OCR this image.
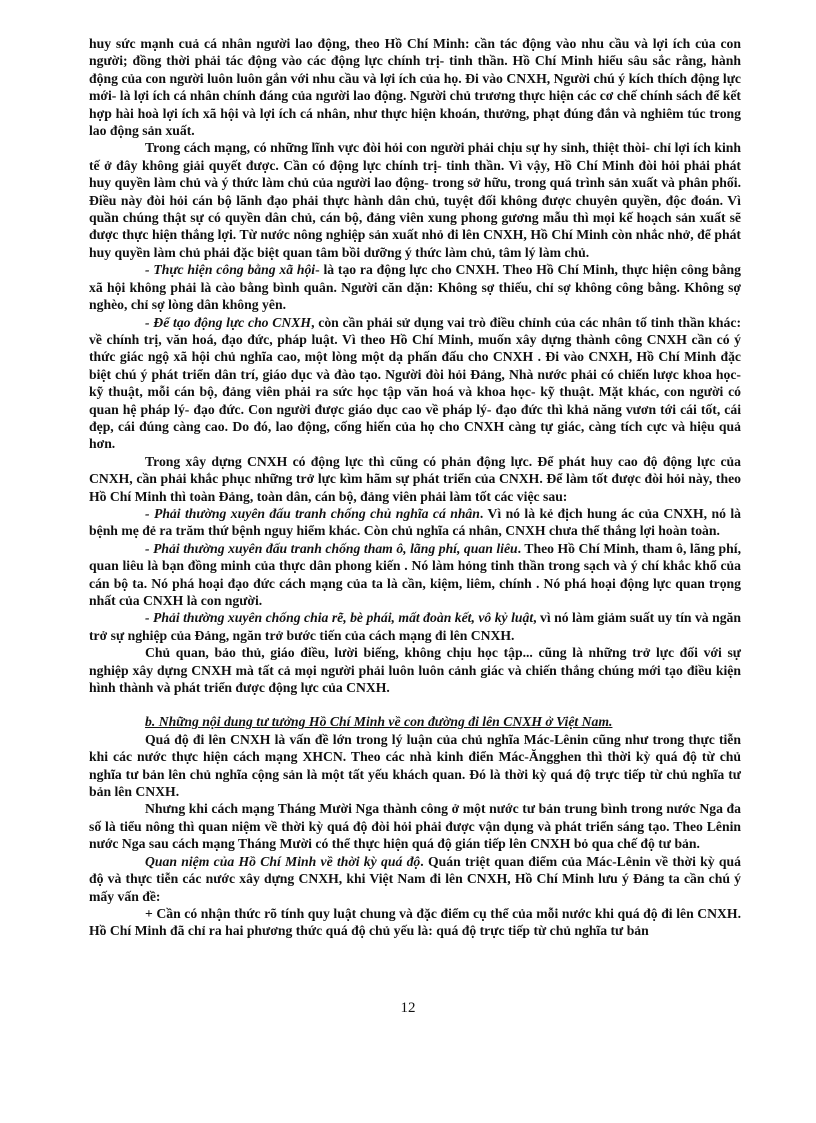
huy sức mạnh cuả cá nhân người lao động, theo Hồ Chí Minh: cần tác động vào nhu cầu và lợi ích của con người; đồng thời phải tác động vào các động lực chính trị- tinh thần. Hồ Chí Minh hiểu sâu sắc rằng, hành động của con người luôn luôn gắn với nhu cầu và lợi ích của họ. Đi vào CNXH, Người chú ý kích thích động lực mới- là lợi ích cá nhân chính đáng của người lao động. Người chủ trương thực hiện các cơ chế chính sách để kết hợp hài hoà lợi ích xã hội và lợi ích cá nhân, như thực hiện khoán, thưởng, phạt đúng đắn và nghiêm túc trong lao động sản xuất.

Trong cách mạng, có những lĩnh vực đòi hỏi con người phải chịu sự hy sinh, thiệt thòi- chỉ lợi ích kinh tế ở đây không giải quyết được. Cần có động lực chính trị- tinh thần. Vì vậy, Hồ Chí Minh đòi hỏi phải phát huy quyền làm chủ và ý thức làm chủ của người lao động- trong sở hữu, trong quá trình sản xuất và phân phối. Điều này đòi hỏi cán bộ lãnh đạo phải thực hành dân chủ, tuyệt đối không được chuyên quyền, độc đoán. Vì quần chúng thật sự có quyền dân chủ, cán bộ, đảng viên xung phong gương mẫu thì mọi kế hoạch sản xuất sẽ được thực hiện thắng lợi. Từ nước nông nghiệp sản xuất nhỏ đi lên CNXH, Hồ Chí Minh còn nhắc nhở, để phát huy quyền làm chủ phải đặc biệt quan tâm bồi dưỡng ý thức làm chủ, tâm lý làm chủ.

- Thực hiện công bằng xã hội- là tạo ra động lực cho CNXH. Theo Hồ Chí Minh, thực hiện công bằng xã hội không phải là cào bằng bình quân. Người căn dặn: Không sợ thiếu, chỉ sợ không công bằng. Không sợ nghèo, chỉ sợ lòng dân không yên.

- Để tạo động lực cho CNXH, còn cần phải sử dụng vai trò điều chỉnh của các nhân tố tinh thần khác: về chính trị, văn hoá, đạo đức, pháp luật. Vì theo Hồ Chí Minh, muốn xây dựng thành công CNXH cần có ý thức giác ngộ xã hội chủ nghĩa cao, một lòng một dạ phấn đấu cho CNXH . Đi vào CNXH, Hồ Chí Minh đặc biệt chú ý phát triển dân trí, giáo dục và đào tạo. Người đòi hỏi Đảng, Nhà nước phải có chiến lược khoa học- kỹ thuật, mỗi cán bộ, đảng viên phải ra sức học tập văn hoá và khoa học- kỹ thuật. Mặt khác, con người có quan hệ pháp lý- đạo đức. Con người được giáo dục cao về pháp lý- đạo đức thì khả năng vươn tới cái tốt, cái đẹp, cái đúng càng cao. Do đó, lao động, cống hiến của họ cho CNXH càng tự giác, càng tích cực và hiệu quả hơn.

Trong xây dựng CNXH có động lực thì cũng có phản động lực. Để phát huy cao độ động lực của CNXH, cần phải khắc phục những trở lực kìm hãm sự phát triển của CNXH. Để làm tốt được đòi hỏi này, theo Hồ Chí Minh thì toàn Đảng, toàn dân, cán bộ, đảng viên phải làm tốt các việc sau:

- Phải thường xuyên đấu tranh chống chủ nghĩa cá nhân. Vì nó là kẻ địch hung ác của CNXH, nó là bệnh mẹ đẻ ra trăm thứ bệnh nguy hiểm khác. Còn chủ nghĩa cá nhân, CNXH chưa thể thắng lợi hoàn toàn.

- Phải thường xuyên đấu tranh chống tham ô, lãng phí, quan liêu. Theo Hồ Chí Minh, tham ô, lãng phí, quan liêu là bạn đồng minh của thực dân phong kiến . Nó làm hỏng tinh thần trong sạch và ý chí khắc khổ của cán bộ ta. Nó phá hoại đạo đức cách mạng của ta là cần, kiệm, liêm, chính . Nó phá hoại động lực quan trọng nhất của CNXH là con người.

- Phải thường xuyên chống chia rẽ, bè phái, mất đoàn kết, vô kỷ luật, vì nó làm giảm suất uy tín và ngăn trở sự nghiệp của Đảng, ngăn trở bước tiến của cách mạng đi lên CNXH.

Chủ quan, bảo thủ, giáo điều, lười biếng, không chịu học tập... cũng là những trở lực đối với sự nghiệp xây dựng CNXH mà tất cả mọi người phải luôn luôn cảnh giác và chiến thắng chúng mới tạo điều kiện hình thành và phát triển được động lực của CNXH.

b. Những nội dung tư tưởng Hồ Chí Minh về con đường đi lên CNXH ở Việt Nam.

Quá độ đi lên CNXH là vấn đề lớn trong lý luận của chủ nghĩa Mác-Lênin cũng như trong thực tiễn khi các nước thực hiện cách mạng XHCN. Theo các nhà kinh điển Mác-Ăngghen thì thời kỳ quá độ từ chủ nghĩa tư bản lên chủ nghĩa cộng sản là một tất yếu khách quan. Đó là thời kỳ quá độ trực tiếp từ chủ nghĩa tư bản lên CNXH.

Nhưng khi cách mạng Tháng Mười Nga thành công ở một nước tư bản trung bình trong nước Nga đa số là tiểu nông thì quan niệm về thời kỳ quá độ đòi hỏi phải được vận dụng và phát triển sáng tạo. Theo Lênin nước Nga sau cách mạng Tháng Mười có thể thực hiện quá độ gián tiếp lên CNXH bỏ qua chế độ tư bản.

Quan niệm của Hồ Chí Minh về thời kỳ quá độ. Quán triệt quan điểm của Mác-Lênin về thời kỳ quá độ và thực tiễn các nước xây dựng CNXH, khi Việt Nam đi lên CNXH, Hồ Chí Minh lưu ý Đảng ta cần chú ý mấy vấn đề:

+ Cần có nhận thức rõ tính quy luật chung và đặc điểm cụ thể của mỗi nước khi quá độ đi lên CNXH. Hồ Chí Minh đã chỉ ra hai phương thức quá độ chủ yếu là: quá độ trực tiếp từ chủ nghĩa tư bản

12
